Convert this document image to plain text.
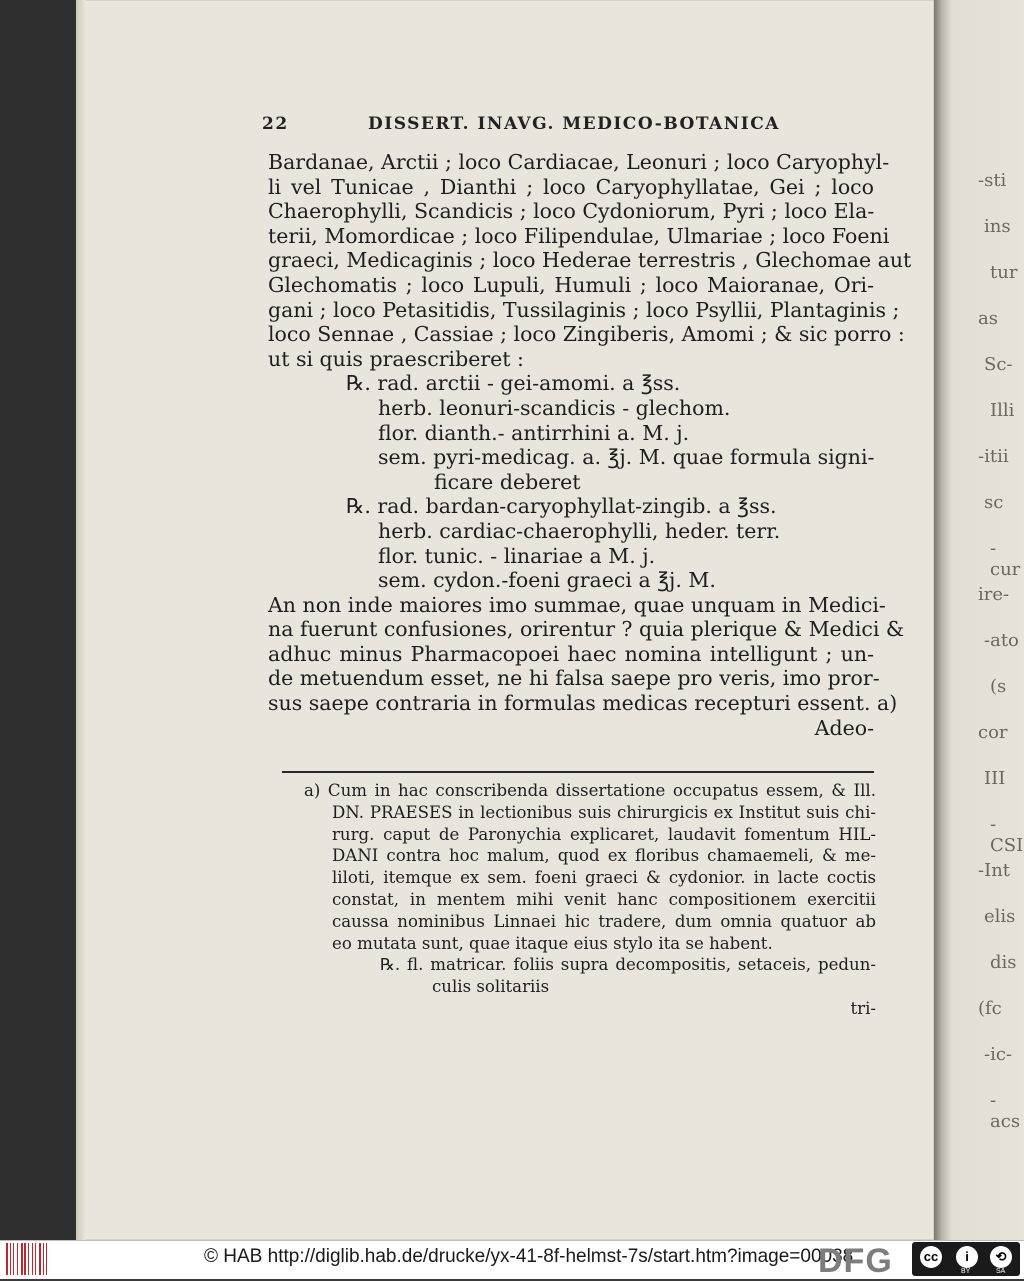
-sti
ins
tur
as
Sc-
Illi
-itii
sc
-cur
ire-
-ato
(s
cor
III
-CSI
-Int
elis
dis
(fc
-ic-
-acs
22	DISSERT. INAVG. MEDICO-BOTANICA
Bardanae, Arctii ; loco Cardiacae, Leonuri ; loco Caryophyl-
li vel Tunicae , Dianthi ; loco Caryophyllatae, Gei ; loco
Chaerophylli, Scandicis ; loco Cydoniorum, Pyri ; loco Ela-
terii, Momordicae ; loco Filipendulae, Ulmariae ; loco Foeni
graeci, Medicaginis ; loco Hederae terrestris , Glechomae aut
Glechomatis ; loco Lupuli, Humuli ; loco Maioranae, Ori-
gani ; loco Petasitidis, Tussilaginis ; loco Psyllii, Plantaginis ;
loco Sennae , Cassiae ; loco Zingiberis, Amomi ; & sic porro :
ut si quis praescriberet :
℞. rad. arctii - gei-amomi. a ℥ss.
herb. leonuri-scandicis - glechom.
flor. dianth.- antirrhini a. M. j.
sem. pyri-medicag. a. ℥j. M. quae formula signi-
ficare deberet
℞. rad. bardan-caryophyllat-zingib. a ℥ss.
herb. cardiac-chaerophylli, heder. terr.
flor. tunic. - linariae a M. j.
sem. cydon.-foeni graeci a ℥j. M.
An non inde maiores imo summae, quae unquam in Medici-
na fuerunt confusiones, orirentur ? quia plerique & Medici &
adhuc minus Pharmacopoei haec nomina intelligunt ; un-
de metuendum esset, ne hi falsa saepe pro veris, imo pror-
sus saepe contraria in formulas medicas recepturi essent. a)
Adeo-
a) Cum in hac conscribenda dissertatione occupatus essem, & Ill.
DN. PRAESES in lectionibus suis chirurgicis ex Institut suis chi-
rurg. caput de Paronychia explicaret, laudavit fomentum HIL-
DANI contra hoc malum, quod ex floribus chamaemeli, & me-
liloti, itemque ex sem. foeni graeci & cydonior. in lacte coctis
constat, in mentem mihi venit hanc compositionem exercitii
caussa nominibus Linnaei hic tradere, dum omnia quatuor ab
eo mutata sunt, quae itaque eius stylo ita se habent.
℞. fl. matricar. foliis supra decompositis, setaceis, pedun-
culis solitariis
tri-
© HAB http://diglib.hab.de/drucke/yx-41-8f-helmst-7s/start.htm?image=00038
DFG cc	i	⟲
BY	SA
